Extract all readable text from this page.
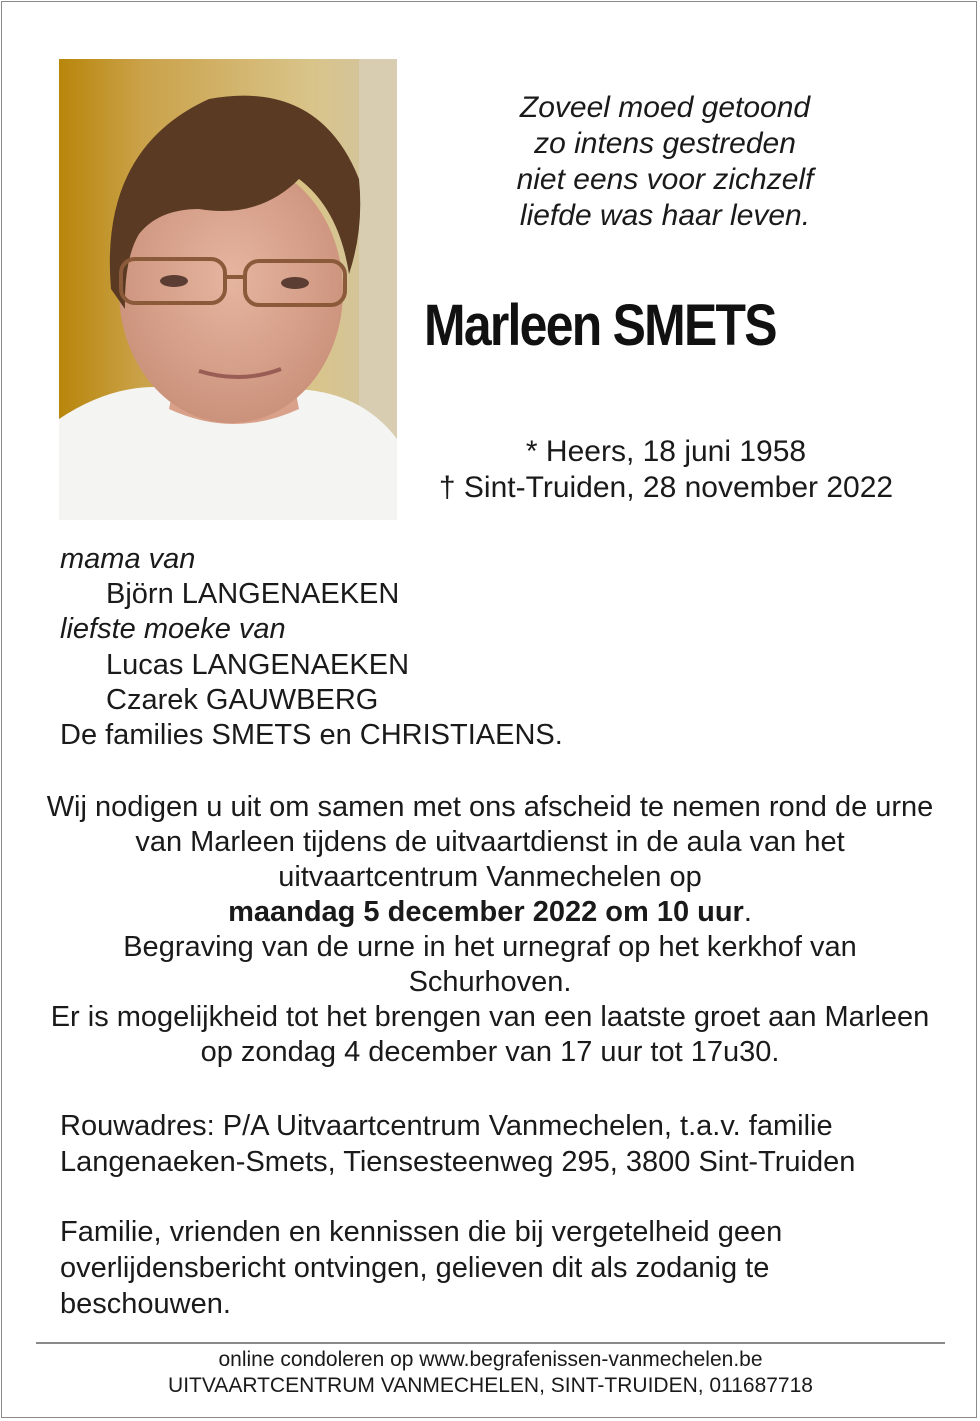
Zoveel moed getoond
zo intens gestreden
niet eens voor zichzelf
liefde was haar leven.
Marleen SMETS
* Heers, 18 juni 1958
† Sint-Truiden, 28 november 2022
mama van
Björn LANGENAEKEN
liefste moeke van
Lucas LANGENAEKEN
Czarek GAUWBERG
De families SMETS en CHRISTIAENS.
Wij nodigen u uit om samen met ons afscheid te nemen rond de urne van Marleen tijdens de uitvaartdienst in de aula van het uitvaartcentrum Vanmechelen op
maandag 5 december 2022 om 10 uur.
Begraving van de urne in het urnegraf op het kerkhof van Schurhoven.
Er is mogelijkheid tot het brengen van een laatste groet aan Marleen op zondag 4 december van 17 uur tot 17u30.
Rouwadres: P/A Uitvaartcentrum Vanmechelen, t.a.v. familie Langenaeken-Smets, Tiensesteenweg 295, 3800 Sint-Truiden
Familie, vrienden en kennissen die bij vergetelheid geen overlijdensbericht ontvingen, gelieven dit als zodanig te beschouwen.
online condoleren op www.begrafenissen-vanmechelen.be
UITVAARTCENTRUM VANMECHELEN, SINT-TRUIDEN, 011687718
